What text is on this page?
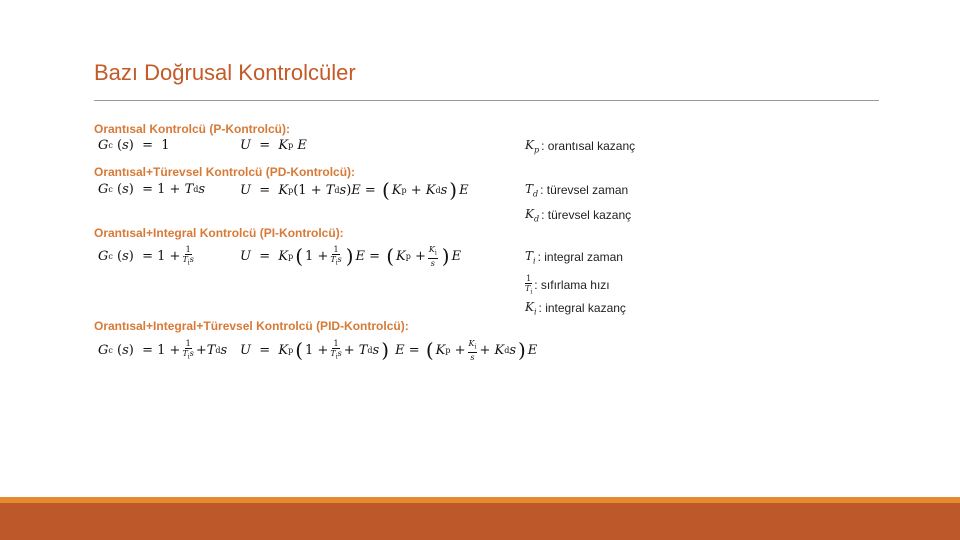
Bazı Doğrusal Kontrolcüler
Orantısal Kontrolcü (P-Kontrolcü):
G c ( s )  =  1	U = K p
E
Orantısal+Türevsel Kontrolcü (PD-Kontrolcü):
G c ( s )  = 1 + T d s	U = K p (1 + T d s ) E = ( K p + K d s ) E
Orantısal+Integral Kontrolcü (PI-Kontrolcü):
G c ( s )  = $1 + \frac{1}{T_is}$	U = K p ( $1 + \frac{1}{T_is}$ ) E = ( K $p + \frac{K_i}{s}$ ) E
Orantısal+Integral+Türevsel Kontrolcü (PID-Kontrolcü):
G c ( s )  = $1 + \frac{1}{T_is} + T$ d s U = K p ( $1 + \frac{1}{T_is} + T$ d s )
E = ( K $p + \frac{K_i}{s} + K$ d s ) E
$K_p$ : orantısal kazanç
$T_d$ : türevsel zaman
$K_d$ : türevsel kazanç
$T_i$ : integral zaman
$\frac{1}{T_i}$ : sıfırlama hızı
$K_i$ : integral kazanç
